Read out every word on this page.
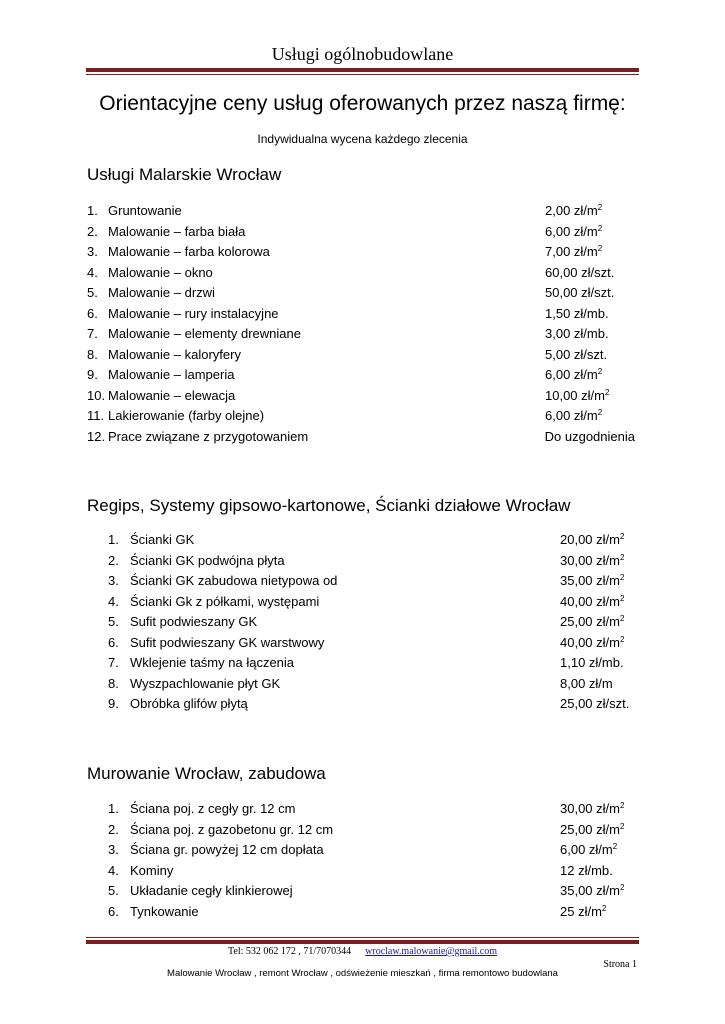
Usługi ogólnobudowlane
Orientacyjne ceny usług oferowanych przez naszą firmę:
Indywidualna wycena każdego zlecenia
Usługi Malarskie Wrocław
1. Gruntowanie	2,00 $zł/m^2$
2. Malowanie – farba biała	6,00 $zł/m^2$
3. Malowanie – farba kolorowa	7,00 $zł/m^2$
4. Malowanie – okno	60,00 zł/szt.
5. Malowanie – drzwi	50,00 zł/szt.
6. Malowanie – rury instalacyjne	1,50 zł/mb.
7. Malowanie – elementy drewniane	3,00 zł/mb.
8. Malowanie – kaloryfery	5,00 zł/szt.
9. Malowanie – lamperia	6,00 $zł/m^2$
10. Malowanie – elewacja	10,00 $zł/m^2$
11. Lakierowanie (farby olejne)	6,00 $zł/m^2$
12. Prace związane z przygotowaniem	Do uzgodnienia
Regips, Systemy gipsowo-kartonowe, Ścianki działowe Wrocław
1. Ścianki GK	20,00 $zł/m^2$
2. Ścianki GK podwójna płyta	30,00 $zł/m^2$
3. Ścianki GK zabudowa nietypowa od	35,00 $zł/m^2$
4. Ścianki Gk z półkami, występami	40,00 $zł/m^2$
5. Sufit podwieszany GK	25,00 $zł/m^2$
6. Sufit podwieszany GK warstwowy	40,00 $zł/m^2$
7. Wklejenie taśmy na łączenia	1,10 zł/mb.
8. Wyszpachlowanie płyt GK	8,00 zł/m
9. Obróbka glifów płytą	25,00 zł/szt.
Murowanie Wrocław, zabudowa
1. Ściana poj. z cegły gr. 12 cm	30,00 $zł/m^2$
2. Ściana poj. z gazobetonu gr. 12 cm	25,00 $zł/m^2$
3. Ściana gr. powyżej 12 cm dopłata	6,00 $zł/m^2$
4. Kominy	12 zł/mb.
5. Układanie cegły klinkierowej	35,00 $zł/m^2$
6. Tynkowanie	25 $zł/m^2$
Tel: 532 062 172 , 71/7070344 wroclaw.malowanie@gmail.com
Strona 1
Malowanie Wrocław , remont Wrocław , odświeżenie mieszkań , firma remontowo budowlana
